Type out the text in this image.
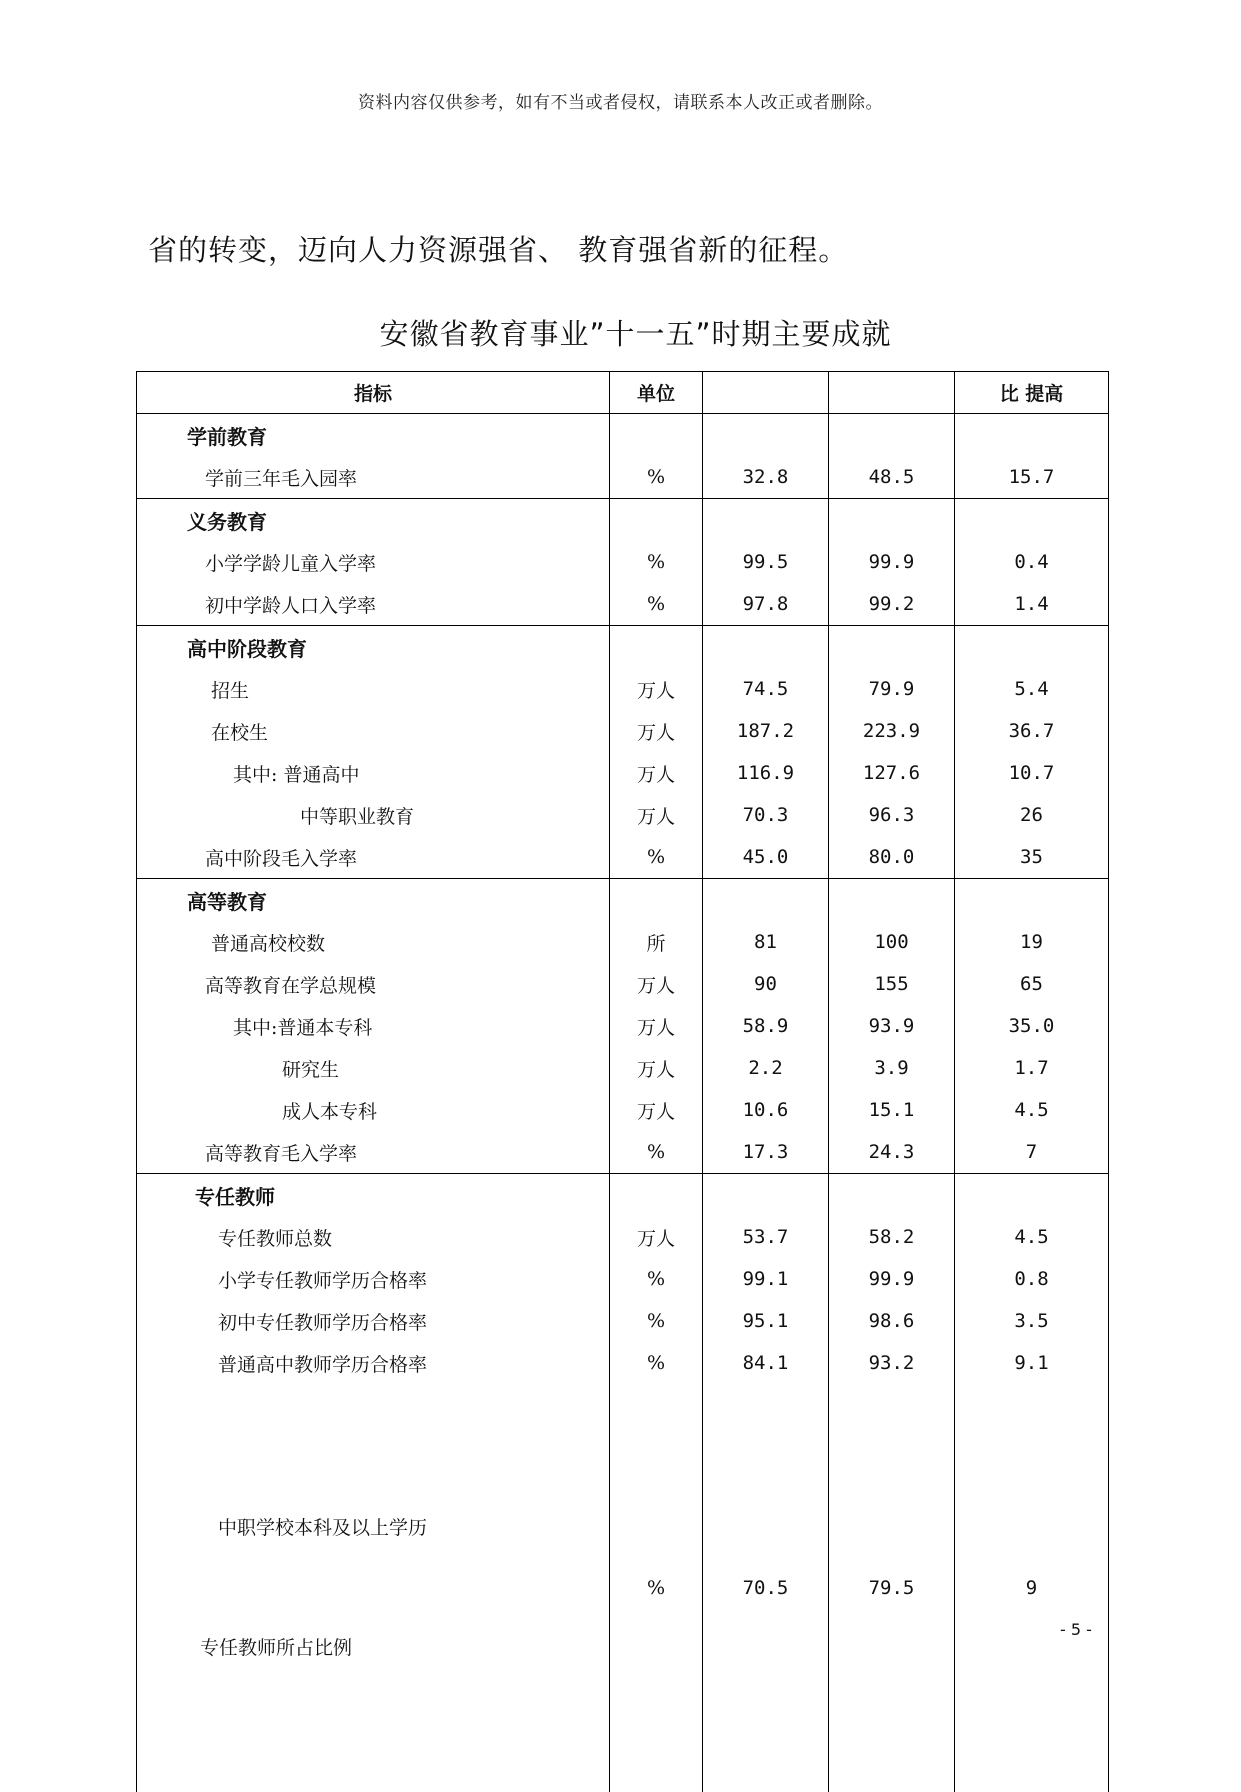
资料内容仅供参考，如有不当或者侵权，请联系本人改正或者删除。
省的转变，迈向人力资源强省、 教育强省新的征程。
安徽省教育事业”十一五”时期主要成就
指标	单位			比 提高
学前教育				
学前三年毛入园率	%	32.8	48.5	15.7
义务教育				
小学学龄儿童入学率	%	99.5	99.9	0.4
初中学龄人口入学率	%	97.8	99.2	1.4
高中阶段教育				
招生	万人	74.5	79.9	5.4
在校生	万人	187.2	223.9	36.7
其中: 普通高中	万人	116.9	127.6	10.7
中等职业教育	万人	70.3	96.3	26
高中阶段毛入学率	%	45.0	80.0	35
高等教育				
普通高校校数	所	81	100	19
高等教育在学总规模	万人	90	155	65
其中:普通本专科	万人	58.9	93.9	35.0
研究生	万人	2.2	3.9	1.7
成人本专科	万人	10.6	15.1	4.5
高等教育毛入学率	%	17.3	24.3	7
专任教师				
专任教师总数	万人	53.7	58.2	4.5
小学专任教师学历合格率	%	99.1	99.9	0.8
初中专任教师学历合格率	%	95.1	98.6	3.5
普通高中教师学历合格率	%	84.1	93.2	9.1

中职学校本科及以上学历

专任教师所占比例	%	70.5	79.5	9
- 5 -
